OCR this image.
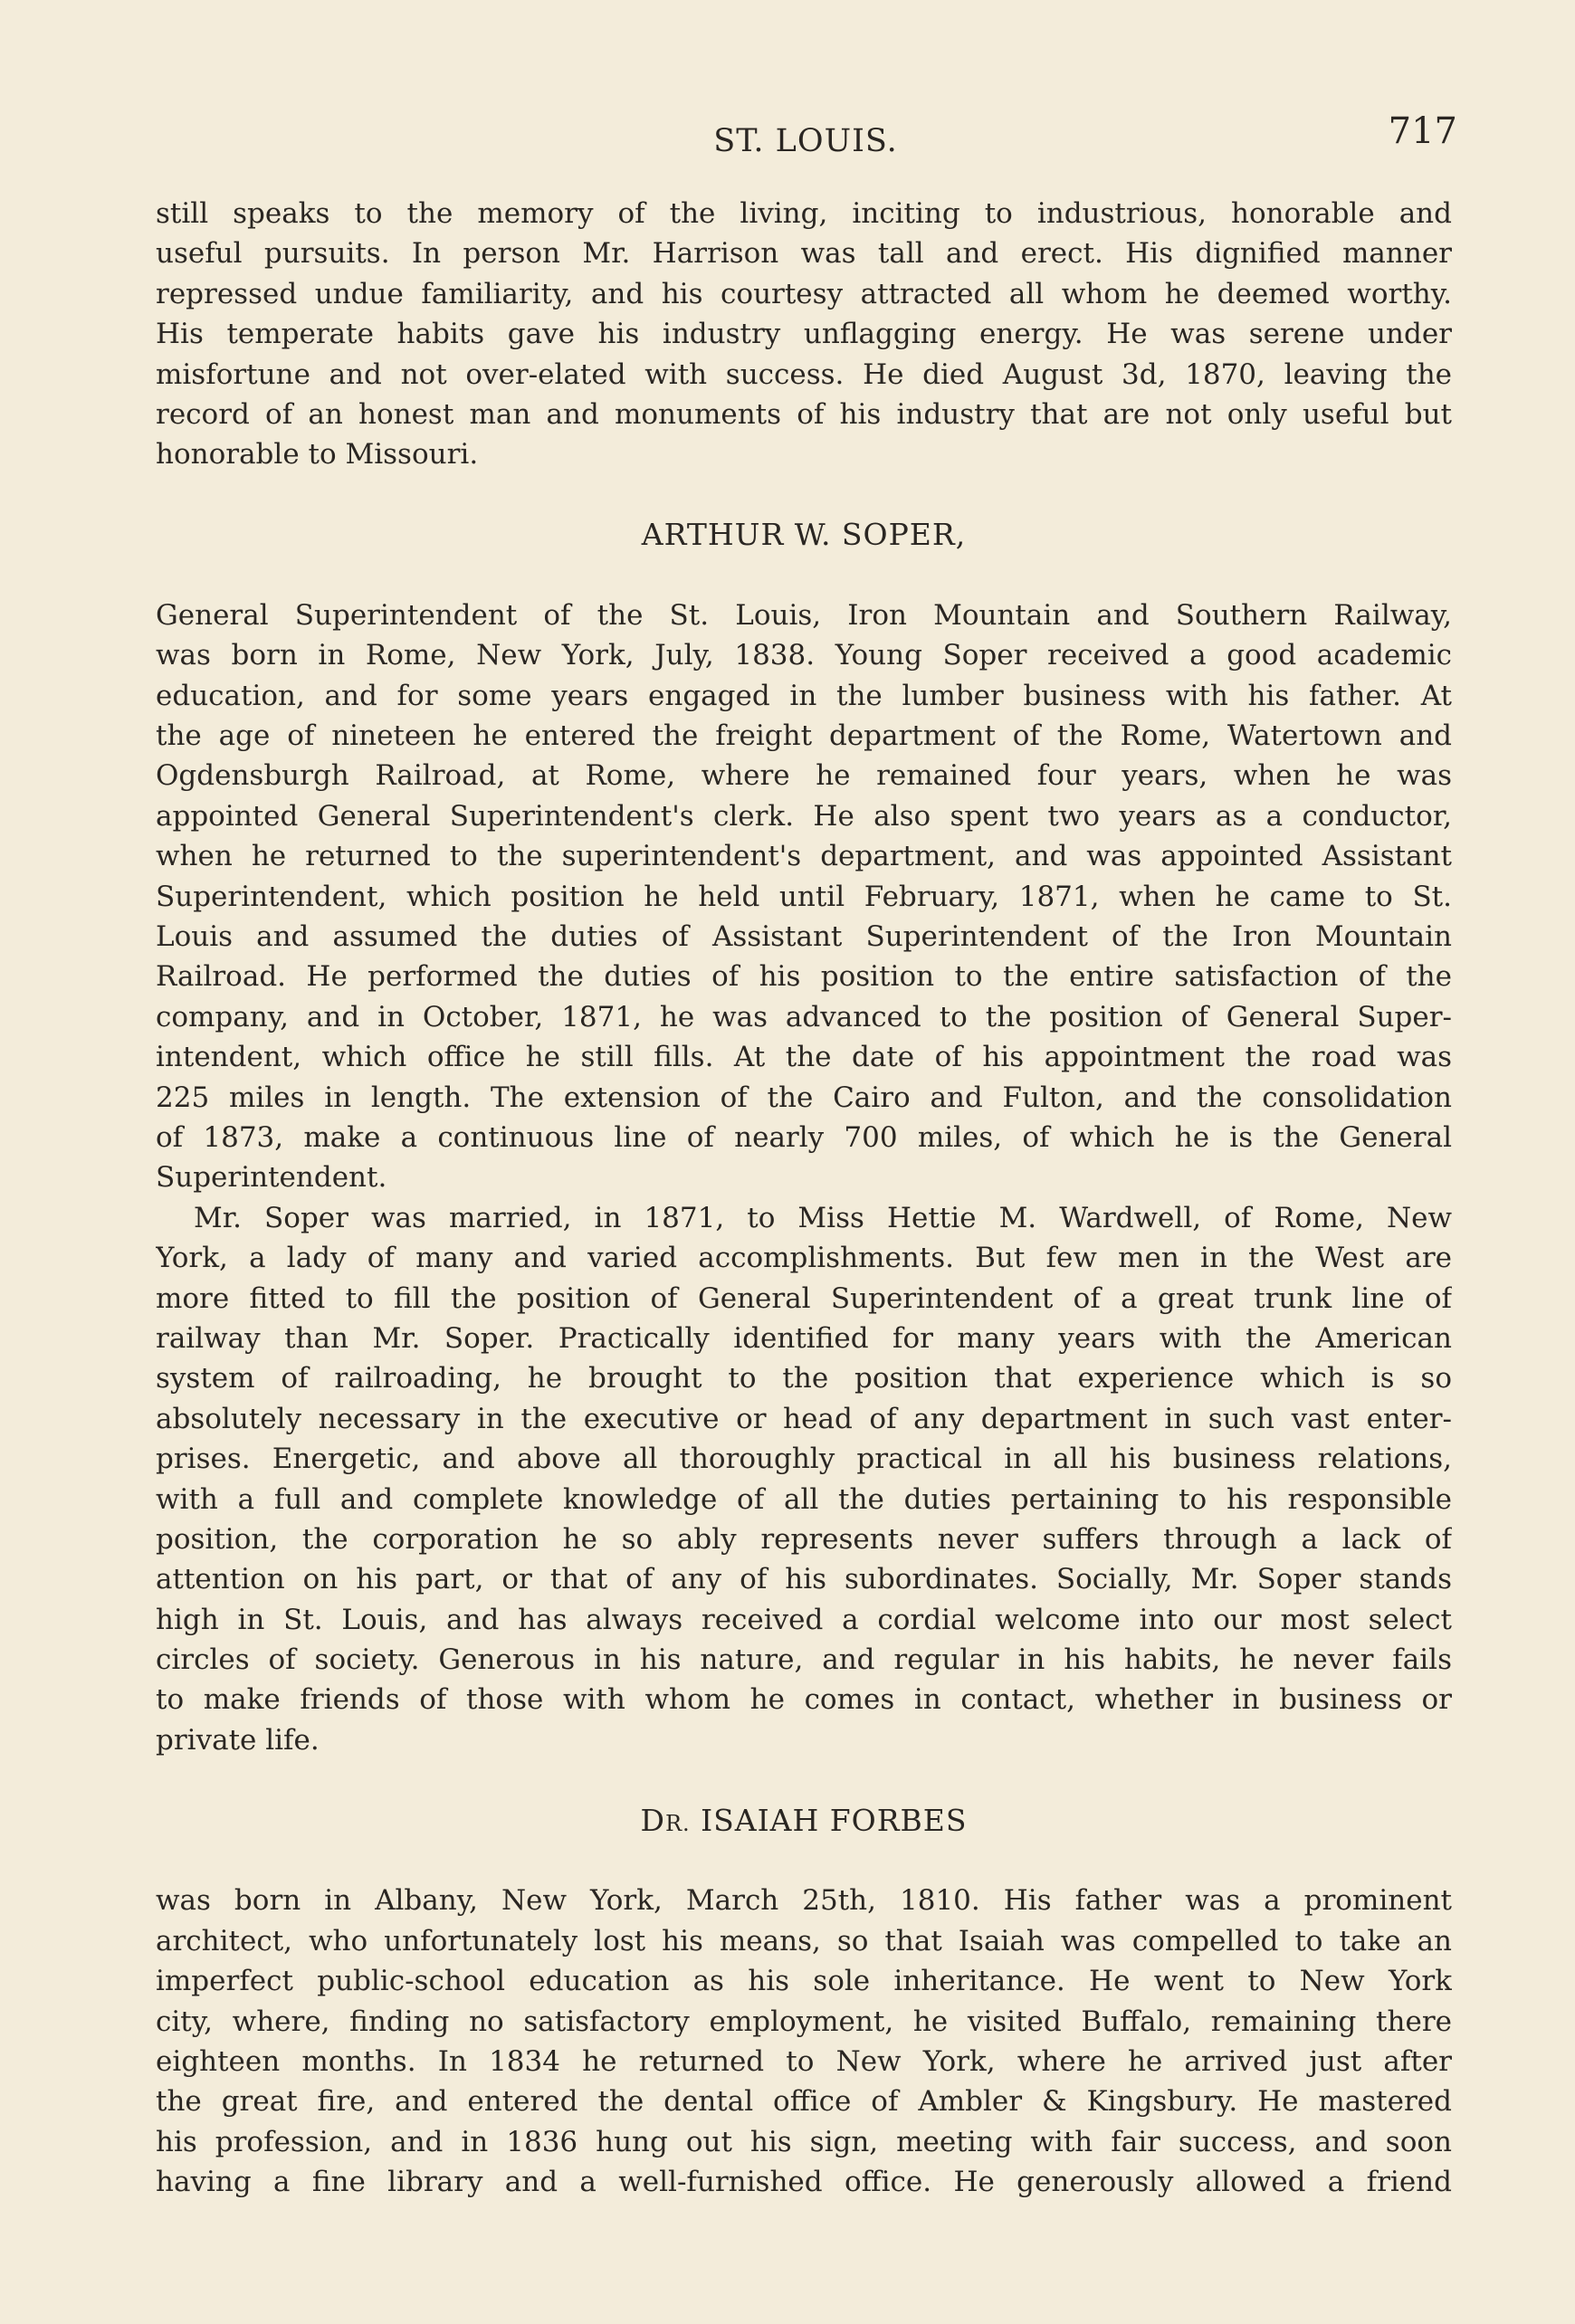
ST. LOUIS.	717
still speaks to the memory of the living, inciting to industrious, honorable and
useful pursuits. In person Mr. Harrison was tall and erect. His dignified manner
repressed undue familiarity, and his courtesy attracted all whom he deemed worthy.
His temperate habits gave his industry unflagging energy. He was serene under
misfortune and not over-elated with success. He died August 3d, 1870, leaving the
record of an honest man and monuments of his industry that are not only useful but
honorable to Missouri.
ARTHUR W. SOPER,
General Superintendent of the St. Louis, Iron Mountain and Southern Railway,
was born in Rome, New York, July, 1838. Young Soper received a good academic
education, and for some years engaged in the lumber business with his father. At
the age of nineteen he entered the freight department of the Rome, Watertown and
Ogdensburgh Railroad, at Rome, where he remained four years, when he was
appointed General Superintendent's clerk. He also spent two years as a conductor,
when he returned to the superintendent's department, and was appointed Assistant
Superintendent, which position he held until February, 1871, when he came to St.
Louis and assumed the duties of Assistant Superintendent of the Iron Mountain
Railroad. He performed the duties of his position to the entire satisfaction of the
company, and in October, 1871, he was advanced to the position of General Super-
intendent, which office he still fills. At the date of his appointment the road was
225 miles in length. The extension of the Cairo and Fulton, and the consolidation
of 1873, make a continuous line of nearly 700 miles, of which he is the General
Superintendent.
Mr. Soper was married, in 1871, to Miss Hettie M. Wardwell, of Rome, New
York, a lady of many and varied accomplishments. But few men in the West are
more fitted to fill the position of General Superintendent of a great trunk line of
railway than Mr. Soper. Practically identified for many years with the American
system of railroading, he brought to the position that experience which is so
absolutely necessary in the executive or head of any department in such vast enter-
prises. Energetic, and above all thoroughly practical in all his business relations,
with a full and complete knowledge of all the duties pertaining to his responsible
position, the corporation he so ably represents never suffers through a lack of
attention on his part, or that of any of his subordinates. Socially, Mr. Soper stands
high in St. Louis, and has always received a cordial welcome into our most select
circles of society. Generous in his nature, and regular in his habits, he never fails
to make friends of those with whom he comes in contact, whether in business or
private life.
DR. ISAIAH FORBES
was born in Albany, New York, March 25th, 1810. His father was a prominent
architect, who unfortunately lost his means, so that Isaiah was compelled to take an
imperfect public-school education as his sole inheritance. He went to New York
city, where, finding no satisfactory employment, he visited Buffalo, remaining there
eighteen months. In 1834 he returned to New York, where he arrived just after
the great fire, and entered the dental office of Ambler & Kingsbury. He mastered
his profession, and in 1836 hung out his sign, meeting with fair success, and soon
having a fine library and a well-furnished office. He generously allowed a friend
